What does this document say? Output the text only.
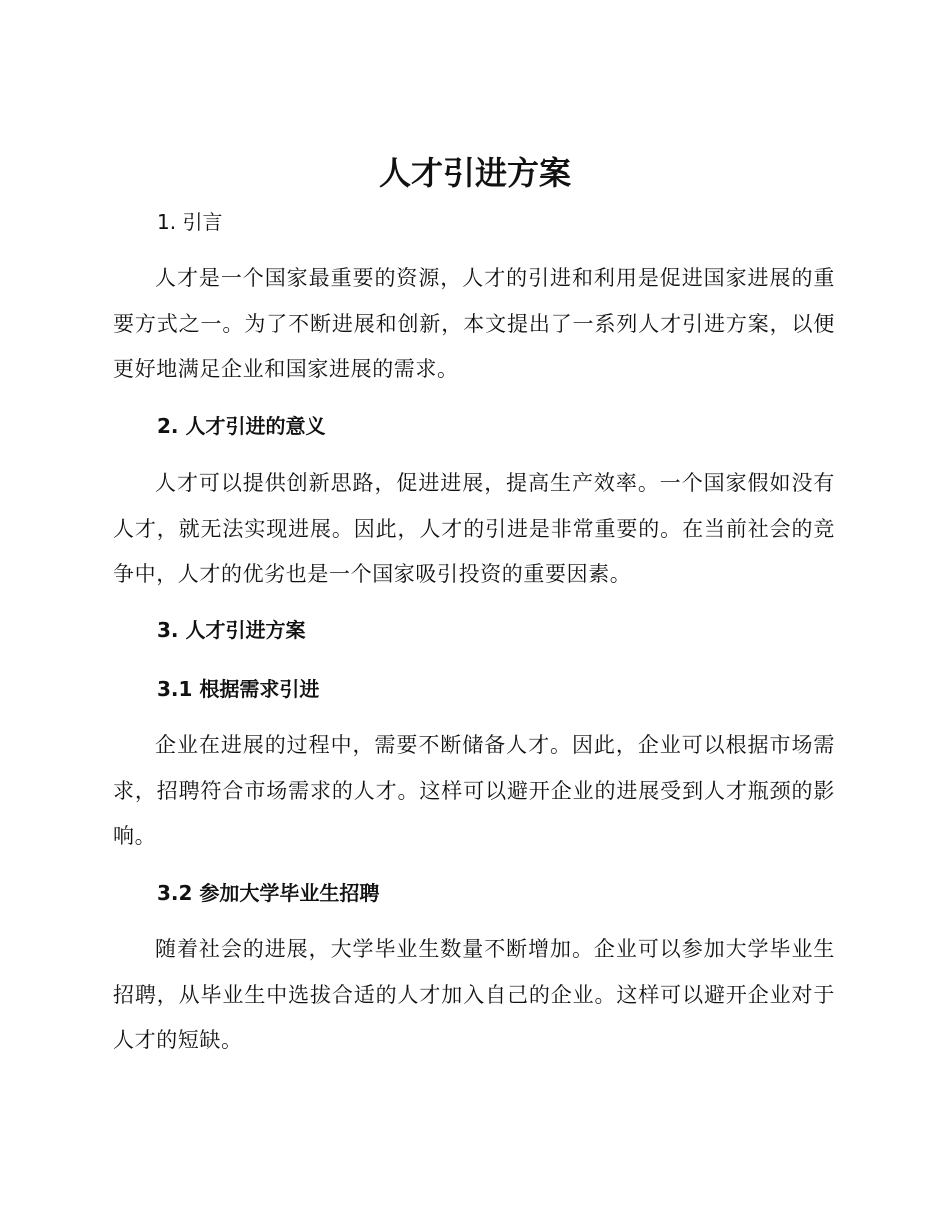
人才引进方案
1. 引言

人才是一个国家最重要的资源，人才的引进和利用是促进国家进展的重要方式之一。为了不断进展和创新，本文提出了一系列人才引进方案，以便更好地满足企业和国家进展的需求。

2. 人才引进的意义

人才可以提供创新思路，促进进展，提高生产效率。一个国家假如没有人才，就无法实现进展。因此，人才的引进是非常重要的。在当前社会的竞争中，人才的优劣也是一个国家吸引投资的重要因素。

3. 人才引进方案
3.1 根据需求引进

企业在进展的过程中，需要不断储备人才。因此，企业可以根据市场需求，招聘符合市场需求的人才。这样可以避开企业的进展受到人才瓶颈的影响。

3.2 参加大学毕业生招聘

随着社会的进展，大学毕业生数量不断增加。企业可以参加大学毕业生招聘，从毕业生中选拔合适的人才加入自己的企业。这样可以避开企业对于人才的短缺。
